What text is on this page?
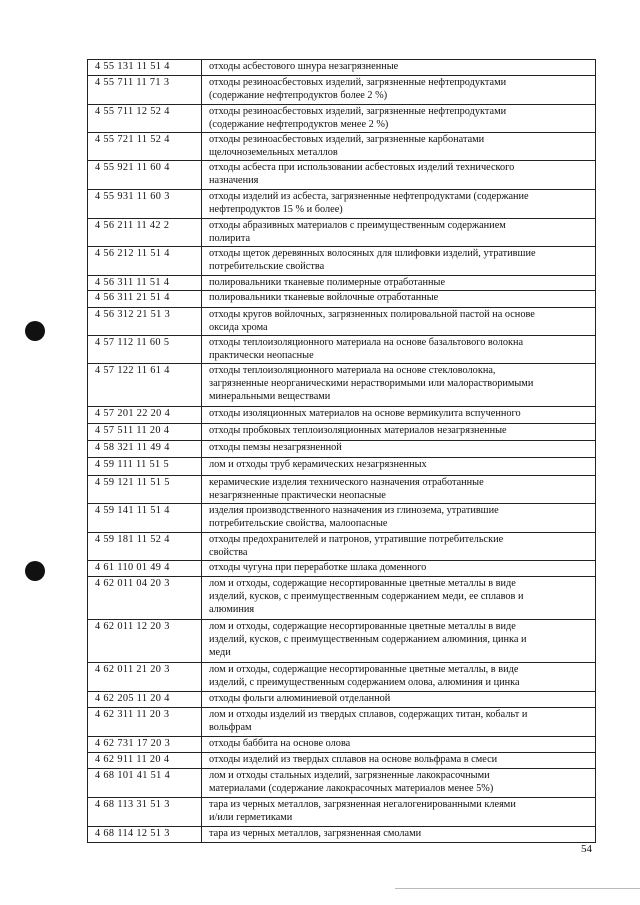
4 55 131 11 51 4	отходы асбестового шнура незагрязненные
4 55 711 11 71 3	отходы резиноасбестовых изделий, загрязненные нефтепродуктами
(содержание нефтепродуктов более 2 %)
4 55 711 12 52 4	отходы резиноасбестовых изделий, загрязненные нефтепродуктами
(содержание нефтепродуктов менее 2 %)
4 55 721 11 52 4	отходы резиноасбестовых изделий, загрязненные карбонатами
щелочноземельных металлов
4 55 921 11 60 4	отходы асбеста при использовании асбестовых изделий технического
назначения
4 55 931 11 60 3	отходы изделий из асбеста, загрязненные нефтепродуктами (содержание
нефтепродуктов 15 % и более)
4 56 211 11 42 2	отходы абразивных материалов с преимущественным содержанием
полирита
4 56 212 11 51 4	отходы щеток деревянных волосяных для шлифовки изделий, утратившие
потребительские свойства
4 56 311 11 51 4	полировальники тканевые полимерные отработанные
4 56 311 21 51 4	полировальники тканевые войлочные отработанные
4 56 312 21 51 3	отходы кругов войлочных, загрязненных полировальной пастой на основе
оксида хрома
4 57 112 11 60 5	отходы теплоизоляционного материала на основе базальтового волокна
практически неопасные
4 57 122 11 61 4	отходы теплоизоляционного материала на основе стекловолокна,
загрязненные неорганическими нерастворимыми или малорастворимыми
минеральными веществами
4 57 201 22 20 4	отходы изоляционных материалов на основе вермикулита вспученного
4 57 511 11 20 4	отходы пробковых теплоизоляционных материалов незагрязненные
4 58 321 11 49 4	отходы пемзы незагрязненной
4 59 111 11 51 5	лом и отходы труб керамических незагрязненных
4 59 121 11 51 5	керамические изделия технического назначения отработанные
незагрязненные практически неопасные
4 59 141 11 51 4	изделия производственного назначения из глинозема, утратившие
потребительские свойства, малоопасные
4 59 181 11 52 4	отходы предохранителей и патронов, утратившие потребительские
свойства
4 61 110 01 49 4	отходы чугуна при переработке шлака доменного
4 62 011 04 20 3	лом и отходы, содержащие несортированные цветные металлы в виде
изделий, кусков, с преимущественным содержанием меди, ее сплавов и
алюминия
4 62 011 12 20 3	лом и отходы, содержащие несортированные цветные металлы в виде
изделий, кусков, с преимущественным содержанием алюминия, цинка и
меди
4 62 011 21 20 3	лом и отходы, содержащие несортированные цветные металлы, в виде
изделий, с преимущественным содержанием олова, алюминия и цинка
4 62 205 11 20 4	отходы фольги алюминиевой отделанной
4 62 311 11 20 3	лом и отходы изделий из твердых сплавов, содержащих титан, кобальт и
вольфрам
4 62 731 17 20 3	отходы баббита на основе олова
4 62 911 11 20 4	отходы изделий из твердых сплавов на основе вольфрама в смеси
4 68 101 41 51 4	лом и отходы стальных изделий, загрязненные лакокрасочными
материалами (содержание лакокрасочных материалов менее 5%)
4 68 113 31 51 3	тара из черных металлов, загрязненная негалогенированными клеями
и/или герметиками
4 68 114 12 51 3	тара из черных металлов, загрязненная смолами
54
